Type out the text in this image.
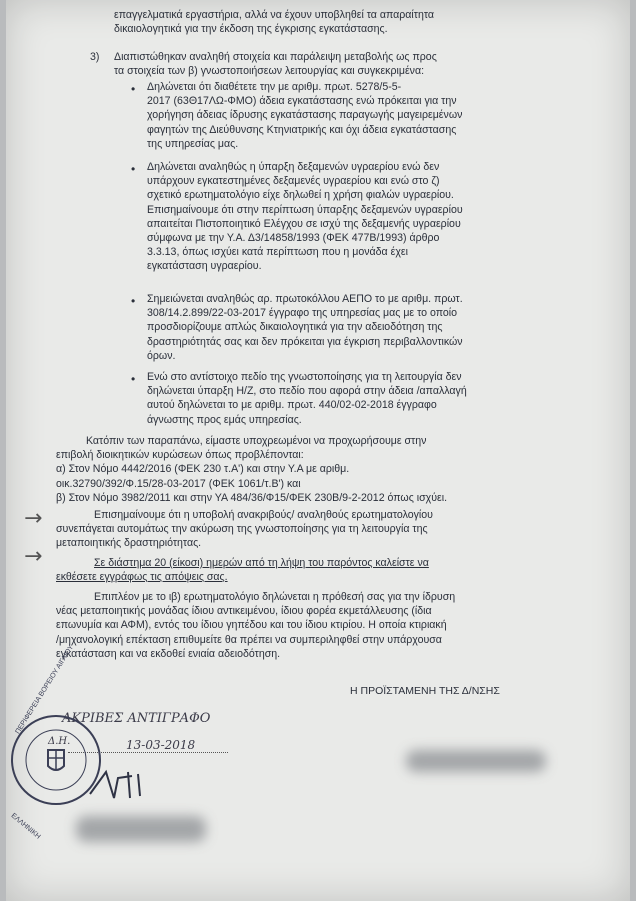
επαγγελματικά εργαστήρια, αλλά να έχουν υποβληθεί τα απαραίτητα
δικαιολογητικά για την έκδοση της έγκρισης εγκατάστασης.
3) Διαπιστώθηκαν αναληθή στοιχεία και παράλειψη μεταβολής ως προς
τα στοιχεία των β) γνωστοποιήσεων λειτουργίας και συγκεκριμένα:
• Δηλώνεται ότι διαθέτετε την με αριθμ. πρωτ. 5278/5-5-
2017 (63Θ17ΛΩ-ΦΜΟ) άδεια εγκατάστασης ενώ πρόκειται για την
χορήγηση άδειας ίδρυσης εγκατάστασης παραγωγής μαγειρεμένων
φαγητών της Διεύθυνσης Κτηνιατρικής και όχι άδεια εγκατάστασης
της υπηρεσίας μας.
• Δηλώνεται αναληθώς η ύπαρξη δεξαμενών υγραερίου ενώ δεν
υπάρχουν εγκατεστημένες δεξαμενές υγραερίου και ενώ στο ζ)
σχετικό ερωτηματολόγιο είχε δηλωθεί η χρήση φιαλών υγραερίου.
Επισημαίνουμε ότι στην περίπτωση ύπαρξης δεξαμενών υγραερίου
απαιτείται Πιστοποιητικό Ελέγχου σε ισχύ της δεξαμενής υγραερίου
σύμφωνα με την Υ.Α. Δ3/14858/1993 (ΦΕΚ 477Β/1993) άρθρο
3.3.13, όπως ισχύει κατά περίπτωση που η μονάδα έχει
εγκατάσταση υγραερίου.
• Σημειώνεται αναληθώς αρ. πρωτοκόλλου ΑΕΠΟ το με αριθμ. πρωτ.
308/14.2.899/22-03-2017 έγγραφο της υπηρεσίας μας με το οποίο
προσδιορίζουμε απλώς δικαιολογητικά για την αδειοδότηση της
δραστηριότητάς σας και δεν πρόκειται για έγκριση περιβαλλοντικών
όρων.
• Ενώ στο αντίστοιχο πεδίο της γνωστοποίησης για τη λειτουργία δεν
δηλώνεται ύπαρξη Η/Ζ, στο πεδίο που αφορά στην άδεια /απαλλαγή
αυτού δηλώνεται το με αριθμ. πρωτ. 440/02-02-2018 έγγραφο
άγνωστης προς εμάς υπηρεσίας.
Κατόπιν των παραπάνω, είμαστε υποχρεωμένοι να προχωρήσουμε στην
επιβολή διοικητικών κυρώσεων όπως προβλέπονται:
α) Στον Νόμο 4442/2016 (ΦΕΚ 230 τ.Α') και στην Υ.Α με αριθμ.
οικ.32790/392/Φ.15/28-03-2017 (ΦΕΚ 1061/τ.Β') και
β) Στον Νόμο 3982/2011 και στην ΥΑ 484/36/Φ15/ΦΕΚ 230Β/9-2-2012 όπως ισχύει.
Επισημαίνουμε ότι η υποβολή ανακριβούς/ αναληθούς ερωτηματολογίου
συνεπάγεται αυτομάτως την ακύρωση της γνωστοποίησης για τη λειτουργία της
μεταποιητικής δραστηριότητας.
Σε διάστημα 20 (είκοσι) ημερών από τη λήψη του παρόντος καλείστε να
εκθέσετε εγγράφως τις απόψεις σας.
Επιπλέον με το ιβ) ερωτηματολόγιο δηλώνεται η πρόθεσή σας για την ίδρυση
νέας μεταποιητικής μονάδας ίδιου αντικειμένου, ίδιου φορέα εκμετάλλευσης (ίδια
επωνυμία και ΑΦΜ), εντός του ίδιου γηπέδου και του ίδιου κτιρίου. Η οποία κτιριακή
/μηχανολογική επέκταση επιθυμείτε θα πρέπει να συμπεριληφθεί στην υπάρχουσα
εγκατάσταση και να εκδοθεί ενιαία αδειοδότηση.
→
→
Η ΠΡΟΪΣΤΑΜΕΝΗ ΤΗΣ Δ/ΝΣΗΣ
ΑΚΡΙΒΕΣ ΑΝΤΙΓΡΑΦΟ
Δ.Η.	13-03-2018
ΠΕΡΙΦΕΡΕΙΑ ΒΟΡΕΙΟΥ ΑΙΓΑΙΟΥ
ΕΛΛΗΝΙΚΗ
